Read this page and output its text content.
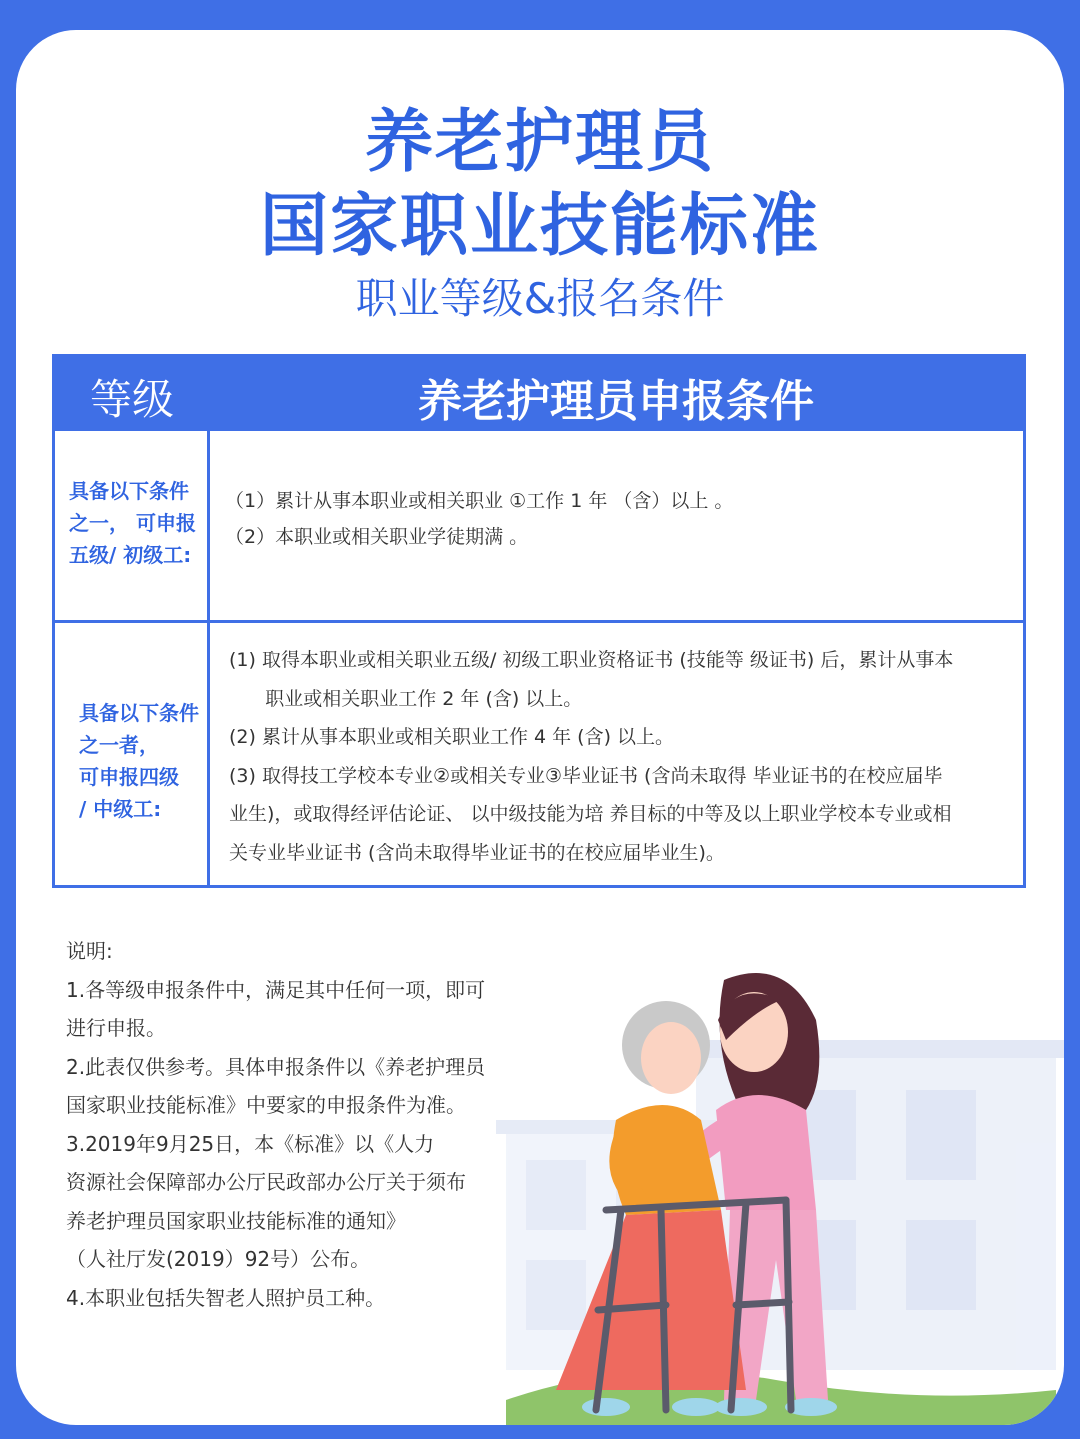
养老护理员
国家职业技能标准
职业等级&报名条件
等级	养老护理员申报条件
具备以下条件
之一， 可申报
五级/ 初级工:
（1）累计从事本职业或相关职业 ①工作 1 年 （含）以上 。
（2）本职业或相关职业学徒期满 。
具备以下条件
之一者，
可申报四级
/ 中级工:
(1) 取得本职业或相关职业五级/ 初级工职业资格证书 (技能等 级证书) 后，累计从事本
职业或相关职业工作 2 年 (含) 以上。
(2) 累计从事本职业或相关职业工作 4 年 (含) 以上。
(3) 取得技工学校本专业②或相关专业③毕业证书 (含尚未取得 毕业证书的在校应届毕
业生)，或取得经评估论证、 以中级技能为培 养目标的中等及以上职业学校本专业或相
关专业毕业证书 (含尚未取得毕业证书的在校应届毕业生)。
说明:
1.各等级申报条件中，满足其中任何一项，即可
进行申报。
2.此表仅供参考。具体申报条件以《养老护理员
国家职业技能标准》中要家的申报条件为准。
3.2019年9月25日，本《标准》以《人力
资源社会保障部办公厅民政部办公厅关于须布
养老护理员国家职业技能标准的通知》
（人社厅发(2019）92号）公布。
4.本职业包括失智老人照护员工种。
